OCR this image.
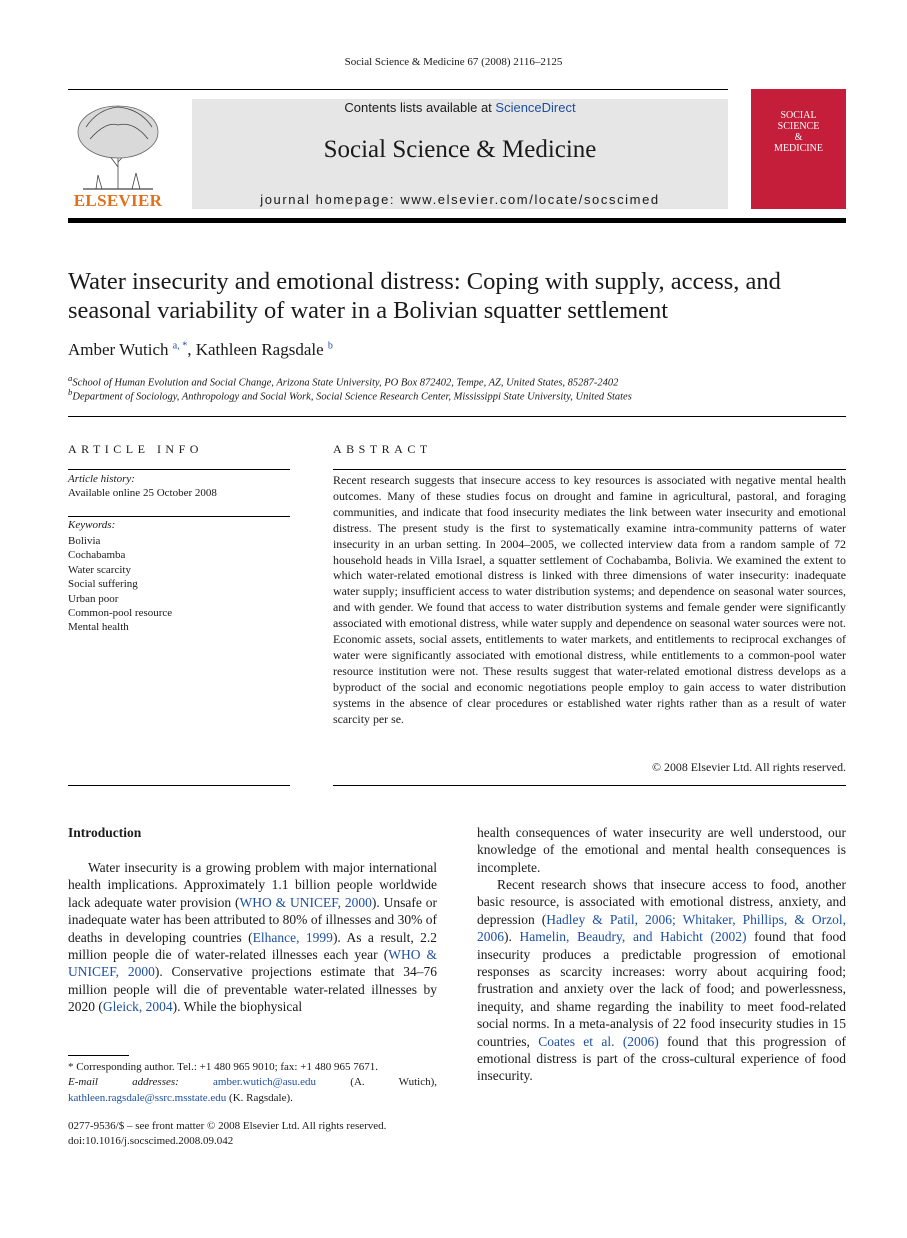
Social Science & Medicine 67 (2008) 2116–2125
ELSEVIER
Contents lists available at ScienceDirect
Social Science & Medicine
journal homepage: www.elsevier.com/locate/socscimed
SOCIAL
SCIENCE
&
MEDICINE
Water insecurity and emotional distress: Coping with supply, access, and seasonal variability of water in a Bolivian squatter settlement
Amber Wutich $^{a, *}$, Kathleen Ragsdale $^b$
$^a$School of Human Evolution and Social Change, Arizona State University, PO Box 872402, Tempe, AZ, United States, 85287-2402
$^b$Department of Sociology, Anthropology and Social Work, Social Science Research Center, Mississippi State University, United States
ARTICLE INFO	ABSTRACT
Article history:
Available online 25 October 2008
Keywords:
Bolivia
Cochabamba
Water scarcity
Social suffering
Urban poor
Common-pool resource
Mental health

Recent research suggests that insecure access to key resources is associated with negative mental health outcomes. Many of these studies focus on drought and famine in agricultural, pastoral, and foraging communities, and indicate that food insecurity mediates the link between water insecurity and emotional distress. The present study is the first to systematically examine intra-community patterns of water insecurity in an urban setting. In 2004–2005, we collected interview data from a random sample of 72 household heads in Villa Israel, a squatter settlement of Cochabamba, Bolivia. We examined the extent to which water-related emotional distress is linked with three dimensions of water insecurity: inadequate water supply; insufficient access to water distribution systems; and dependence on seasonal water sources, and with gender. We found that access to water distribution systems and female gender were significantly associated with emotional distress, while water supply and dependence on seasonal water sources were not. Economic assets, social assets, entitlements to water markets, and entitlements to reciprocal exchanges of water were significantly associated with emotional distress, while entitlements to a common-pool water resource institution were not. These results suggest that water-related emotional distress develops as a byproduct of the social and economic negotiations people employ to gain access to water distribution systems in the absence of clear procedures or established water rights rather than as a result of water scarcity per se.

© 2008 Elsevier Ltd. All rights reserved.
Introduction

Water insecurity is a growing problem with major international health implications. Approximately 1.1 billion people worldwide lack adequate water provision (WHO & UNICEF, 2000). Unsafe or inadequate water has been attributed to 80% of illnesses and 30% of deaths in developing countries (Elhance, 1999). As a result, 2.2 million people die of water-related illnesses each year (WHO & UNICEF, 2000). Conservative projections estimate that 34–76 million people will die of preventable water-related illnesses by 2020 (Gleick, 2004). While the biophysical

health consequences of water insecurity are well understood, our knowledge of the emotional and mental health consequences is incomplete.

Recent research shows that insecure access to food, another basic resource, is associated with emotional distress, anxiety, and depression (Hadley & Patil, 2006; Whitaker, Phillips, & Orzol, 2006). Hamelin, Beaudry, and Habicht (2002) found that food insecurity produces a predictable progression of emotional responses as scarcity increases: worry about acquiring food; frustration and anxiety over the lack of food; and powerlessness, inequity, and shame regarding the inability to meet food-related social norms. In a meta-analysis of 22 food insecurity studies in 15 countries, Coates et al. (2006) found that this progression of emotional distress is part of the cross-cultural experience of food insecurity.

* Corresponding author. Tel.: +1 480 965 9010; fax: +1 480 965 7671.
E-mail addresses:	amber.wutich@asu.edu	(A. Wutich), kathleen.ragsdale@ssrc.msstate.edu (K. Ragsdale).

0277-9536/$ – see front matter © 2008 Elsevier Ltd. All rights reserved.
doi:10.1016/j.socscimed.2008.09.042
